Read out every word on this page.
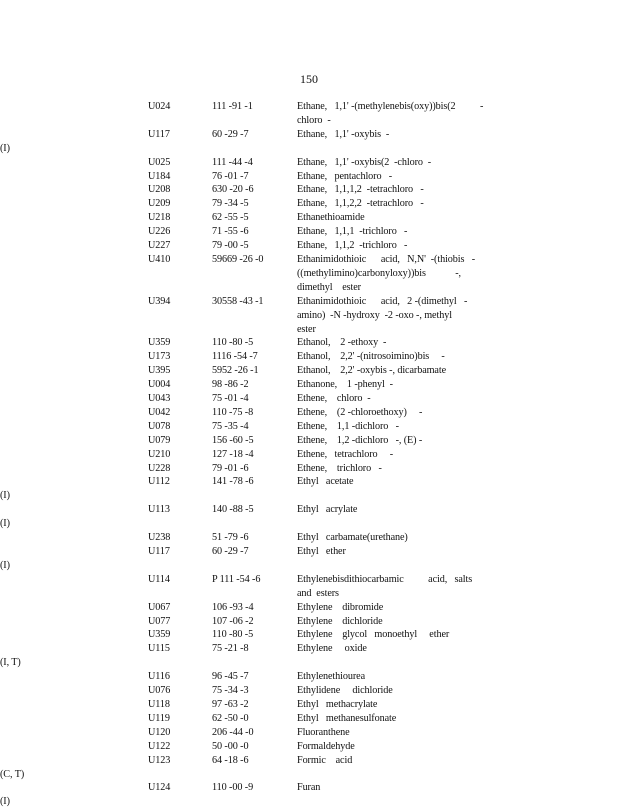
150
U024	111 -91 -1	Ethane,   1,1' -(methylenebis(oxy))bis(2          -
chloro  -
U117	60 -29 -7	Ethane,   1,1' -oxybis  -
(I)
U025	111 -44 -4	Ethane,   1,1' -oxybis(2  -chloro  -
U184	76 -01 -7	Ethane,   pentachloro   -
U208	630 -20 -6	Ethane,   1,1,1,2  -tetrachloro   -
U209	79 -34 -5	Ethane,   1,1,2,2  -tetrachloro   -
U218	62 -55 -5	Ethanethioamide
U226	71 -55 -6	Ethane,   1,1,1  -trichloro   -
U227	79 -00 -5	Ethane,   1,1,2  -trichloro   -
U410	59669 -26 -0	Ethanimidothioic      acid,   N,N'  -(thiobis   -
((methylimino)carbonyloxy))bis            -,
dimethyl    ester
U394	30558 -43 -1	Ethanimidothioic      acid,   2 -(dimethyl   -
amino)  -N -hydroxy  -2 -oxo -, methyl
ester
U359	110 -80 -5	Ethanol,    2 -ethoxy  -
U173	1116 -54 -7	Ethanol,    2,2' -(nitrosoimino)bis     -
U395	5952 -26 -1	Ethanol,    2,2' -oxybis -, dicarbamate
U004	98 -86 -2	Ethanone,    1 -phenyl  -
U043	75 -01 -4	Ethene,    chloro  -
U042	110 -75 -8	Ethene,    (2 -chloroethoxy)     -
U078	75 -35 -4	Ethene,    1,1 -dichloro   -
U079	156 -60 -5	Ethene,    1,2 -dichloro   -, (E) -
U210	127 -18 -4	Ethene,   tetrachloro     -
U228	79 -01 -6	Ethene,    trichloro   -
U112	141 -78 -6	Ethyl   acetate
(I)
U113	140 -88 -5	Ethyl   acrylate
(I)
U238	51 -79 -6	Ethyl   carbamate(urethane)
U117	60 -29 -7	Ethyl   ether
(I)
U114	P 111 -54 -6	Ethylenebisdithiocarbamic          acid,   salts
and  esters
U067	106 -93 -4	Ethylene    dibromide
U077	107 -06 -2	Ethylene    dichloride
U359	110 -80 -5	Ethylene    glycol   monoethyl     ether
U115	75 -21 -8	Ethylene     oxide
(I, T)
U116	96 -45 -7	Ethylenethiourea
U076	75 -34 -3	Ethylidene     dichloride
U118	97 -63 -2	Ethyl   methacrylate
U119	62 -50 -0	Ethyl   methanesulfonate
U120	206 -44 -0	Fluoranthene
U122	50 -00 -0	Formaldehyde
U123	64 -18 -6	Formic    acid
(C, T)
U124	110 -00 -9	Furan
(I)
